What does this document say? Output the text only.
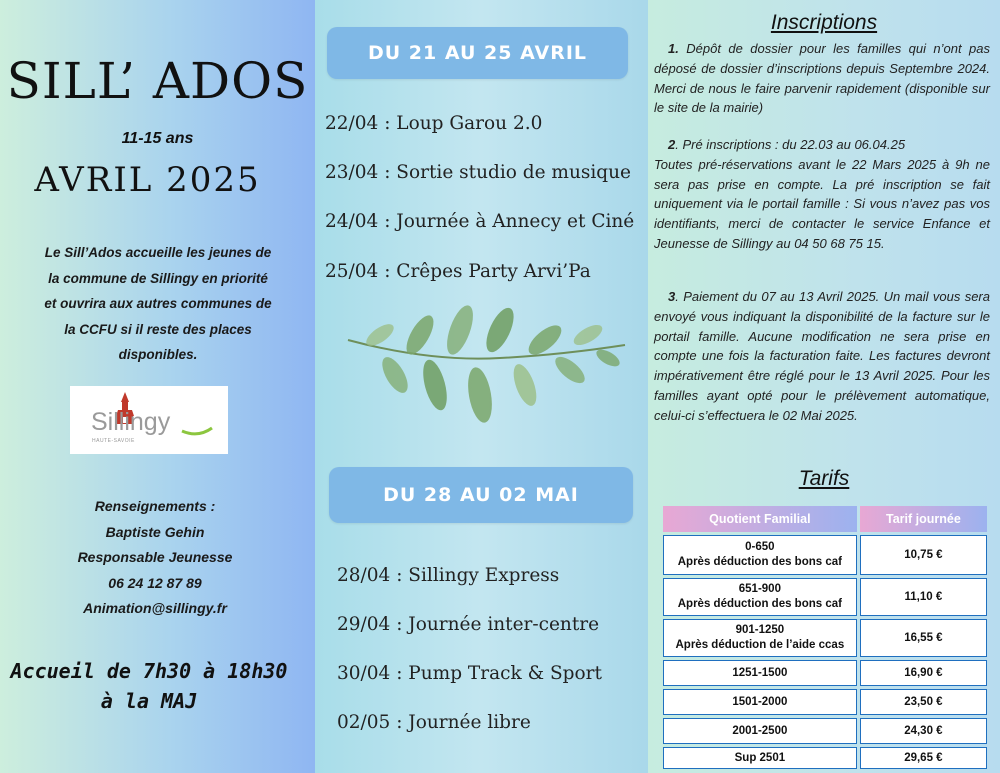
SILL’ ADOS
11-15 ans
AVRIL 2025
Le Sill’Ados accueille les jeunes de
la commune de Sillingy en priorité
et ouvrira aux autres communes de
la CCFU si il reste des places
disponibles.
Sillingy
HAUTE-SAVOIE
Renseignements :
Baptiste Gehin
Responsable Jeunesse
06 24 12 87 89
Animation@sillingy.fr
Accueil de 7h30 à 18h30
à la MAJ
DU 21 AU 25 AVRIL
22/04 : Loup Garou 2.0
23/04 : Sortie studio de musique
24/04 : Journée à Annecy et Ciné
25/04 : Crêpes Party Arvi’Pa
DU 28 AU 02 MAI
28/04 : Sillingy Express
29/04 : Journée inter-centre
30/04 : Pump Track & Sport
02/05 : Journée libre
Inscriptions
1. Dépôt de dossier pour les familles qui n’ont pas déposé de dossier d’inscriptions depuis Septembre 2024. Merci de nous le faire parvenir rapidement (disponible sur le site de la mairie)
2. Pré inscriptions : du 22.03 au 06.04.25
Toutes pré-réservations avant le 22 Mars 2025 à 9h ne sera pas prise en compte. La pré inscription se fait uniquement via le portail famille : Si vous n’avez pas vos identifiants, merci de contacter le service Enfance et Jeunesse de Sillingy au 04 50 68 75 15.
3. Paiement du 07 au 13 Avril 2025. Un mail vous sera envoyé vous indiquant la disponibilité de la facture sur le portail famille. Aucune modification ne sera prise en compte une fois la facturation faite. Les factures devront impérativement être réglé pour le 13 Avril 2025. Pour les familles ayant opté pour le prélèvement automatique, celui-ci s’effectuera le 02 Mai 2025.
Tarifs
Quotient Familial	Tarif journée

0-650
Après déduction des bons caf	10,75 €

651-900
Après déduction des bons caf	11,10 €

901-1250
Après déduction de l’aide ccas	16,55 €
1251-1500	16,90 €
1501-2000	23,50 €
2001-2500	24,30 €
Sup 2501	29,65 €
